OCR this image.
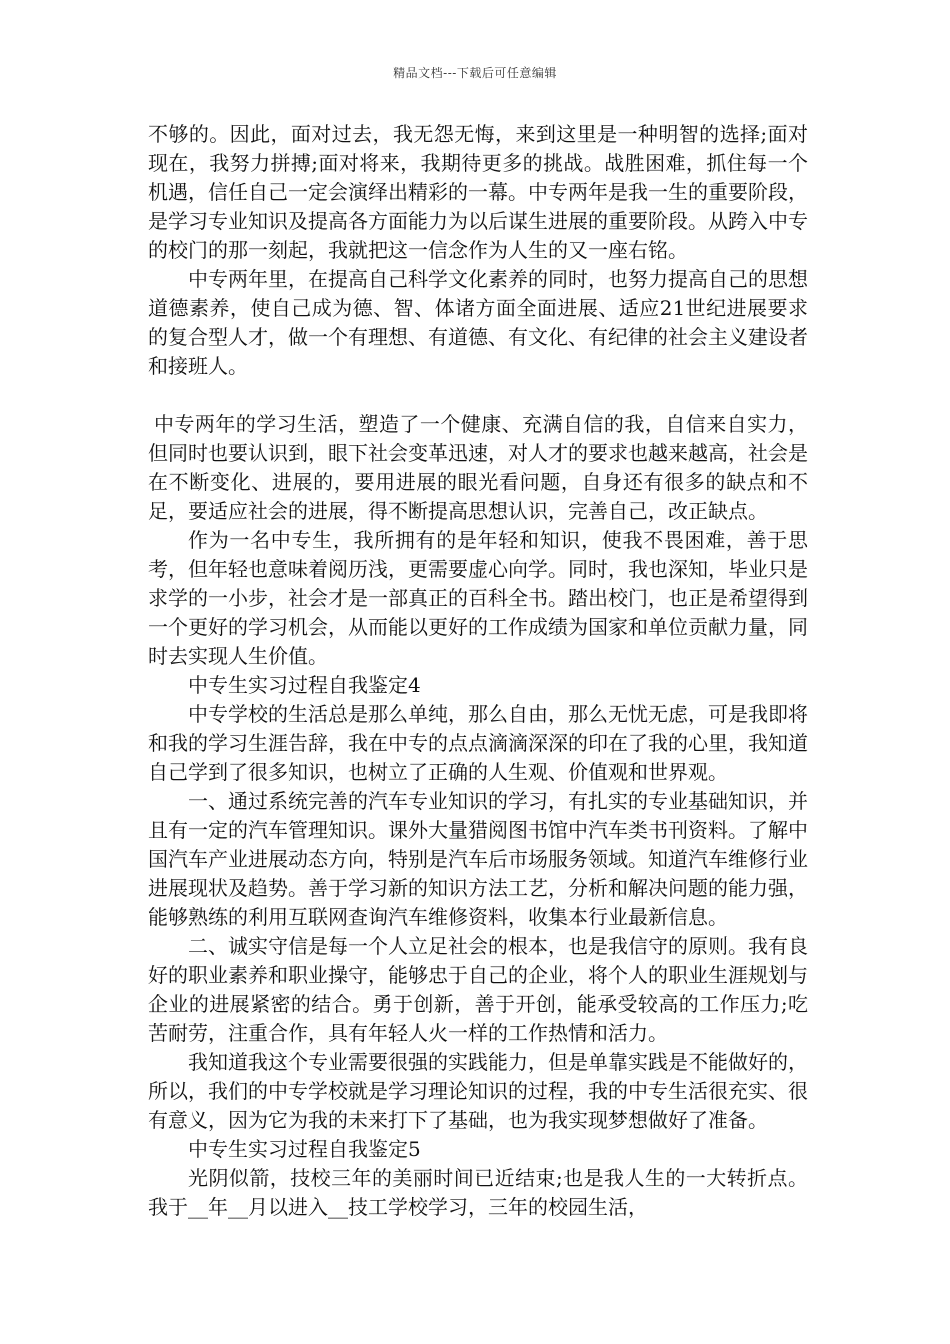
精品文档---下载后可任意编辑

不够的。因此，面对过去，我无怨无悔，来到这里是一种明智的选择;面对现在，我努力拼搏;面对将来，我期待更多的挑战。战胜困难，抓住每一个机遇，信任自己一定会演绎出精彩的一幕。中专两年是我一生的重要阶段，是学习专业知识及提高各方面能力为以后谋生进展的重要阶段。从跨入中专的校门的那一刻起，我就把这一信念作为人生的又一座右铭。

中专两年里，在提高自己科学文化素养的同时，也努力提高自己的思想道德素养，使自己成为德、智、体诸方面全面进展、适应21世纪进展要求的复合型人才，做一个有理想、有道德、有文化、有纪律的社会主义建设者和接班人。

中专两年的学习生活，塑造了一个健康、充满自信的我，自信来自实力，但同时也要认识到，眼下社会变革迅速，对人才的要求也越来越高，社会是在不断变化、进展的，要用进展的眼光看问题，自身还有很多的缺点和不足，要适应社会的进展，得不断提高思想认识，完善自己，改正缺点。

作为一名中专生，我所拥有的是年轻和知识，使我不畏困难，善于思考，但年轻也意味着阅历浅，更需要虚心向学。同时，我也深知，毕业只是求学的一小步，社会才是一部真正的百科全书。踏出校门，也正是希望得到一个更好的学习机会，从而能以更好的工作成绩为国家和单位贡献力量，同时去实现人生价值。

中专生实习过程自我鉴定4

中专学校的生活总是那么单纯，那么自由，那么无忧无虑，可是我即将和我的学习生涯告辞，我在中专的点点滴滴深深的印在了我的心里，我知道自己学到了很多知识，也树立了正确的人生观、价值观和世界观。

一、通过系统完善的汽车专业知识的学习，有扎实的专业基础知识，并且有一定的汽车管理知识。课外大量猎阅图书馆中汽车类书刊资料。了解中国汽车产业进展动态方向，特别是汽车后市场服务领域。知道汽车维修行业进展现状及趋势。善于学习新的知识方法工艺，分析和解决问题的能力强，能够熟练的利用互联网查询汽车维修资料，收集本行业最新信息。

二、诚实守信是每一个人立足社会的根本，也是我信守的原则。我有良好的职业素养和职业操守，能够忠于自己的企业，将个人的职业生涯规划与企业的进展紧密的结合。勇于创新，善于开创，能承受较高的工作压力;吃苦耐劳，注重合作，具有年轻人火一样的工作热情和活力。

我知道我这个专业需要很强的实践能力，但是单靠实践是不能做好的，所以，我们的中专学校就是学习理论知识的过程，我的中专生活很充实、很有意义，因为它为我的未来打下了基础，也为我实现梦想做好了准备。

中专生实习过程自我鉴定5

光阴似箭，技校三年的美丽时间已近结束;也是我人生的一大转折点。我于__年__月以进入__技工学校学习，三年的校园生活，
